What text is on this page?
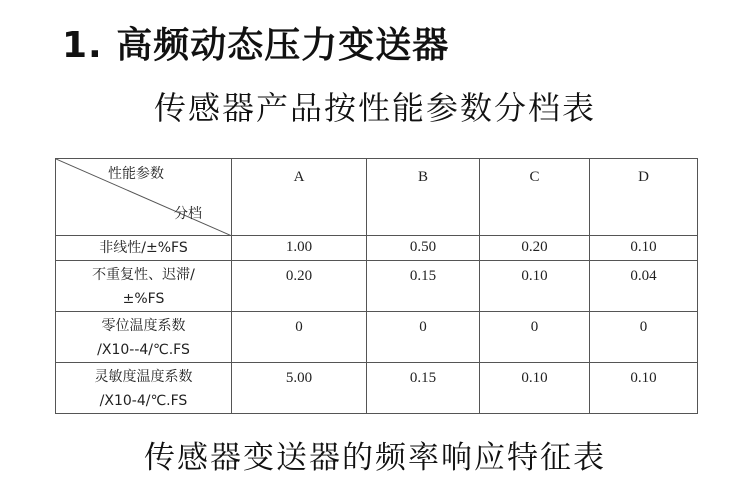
1. 高频动态压力变送器
传感器产品按性能参数分档表
性能参数
分档	A	B	C	D
非线性/±%FS	1.00	0.50	0.20	0.10

不重复性、迟滞/
±%FS	0.20	0.15	0.10	0.04

零位温度系数
/X10--4/℃.FS	0	0	0	0

灵敏度温度系数
/X10-4/℃.FS	5.00	0.15	0.10	0.10
传感器变送器的频率响应特征表
